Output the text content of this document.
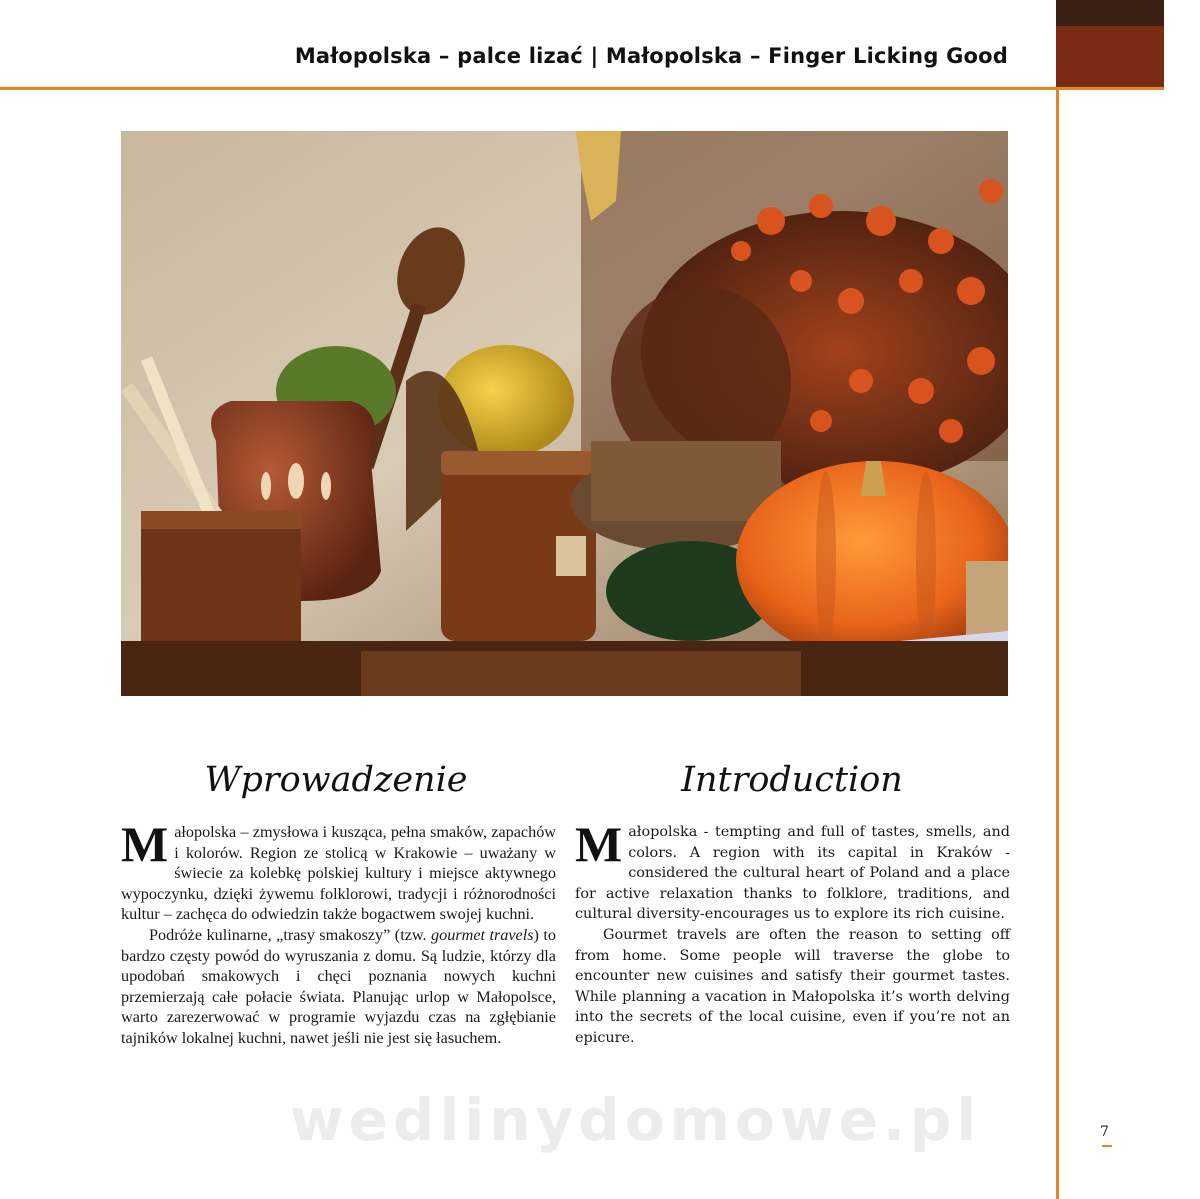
Małopolska – palce lizać | Małopolska – Finger Licking Good
Wprowadzenie	Introduction

Małopolska – zmysłowa i kusząca, pełna smaków, zapachów i kolorów. Region ze stolicą w Krakowie – uważany w świecie za kolebkę polskiej kultury i miejsce aktywnego wypoczynku, dzięki żywemu folklorowi, tradycji i różnorodności kultur – zachęca do odwiedzin także bogactwem swojej kuchni.

Podróże kulinarne, „trasy smakoszy” (tzw. gourmet travels) to bardzo częsty powód do wyruszania z domu. Są ludzie, którzy dla upodobań smakowych i chęci poznania nowych kuchni przemierzają całe połacie świata. Planując urlop w Małopolsce, warto zarezerwować w programie wyjazdu czas na zgłębianie tajników lokalnej kuchni, nawet jeśli nie jest się łasuchem.

Małopolska - tempting and full of tastes, smells, and colors. A region with its capital in Kraków - considered the cultural heart of Poland and a place for active relaxation thanks to folklore, traditions, and cultural diversity-encourages us to explore its rich cuisine.

Gourmet travels are often the reason to setting off from home. Some people will traverse the globe to encounter new cuisines and satisfy their gourmet tastes. While planning a vacation in Małopolska it’s worth delving into the secrets of the local cuisine, even if you’re not an epicure.

wedlinydomowe.pl	7
